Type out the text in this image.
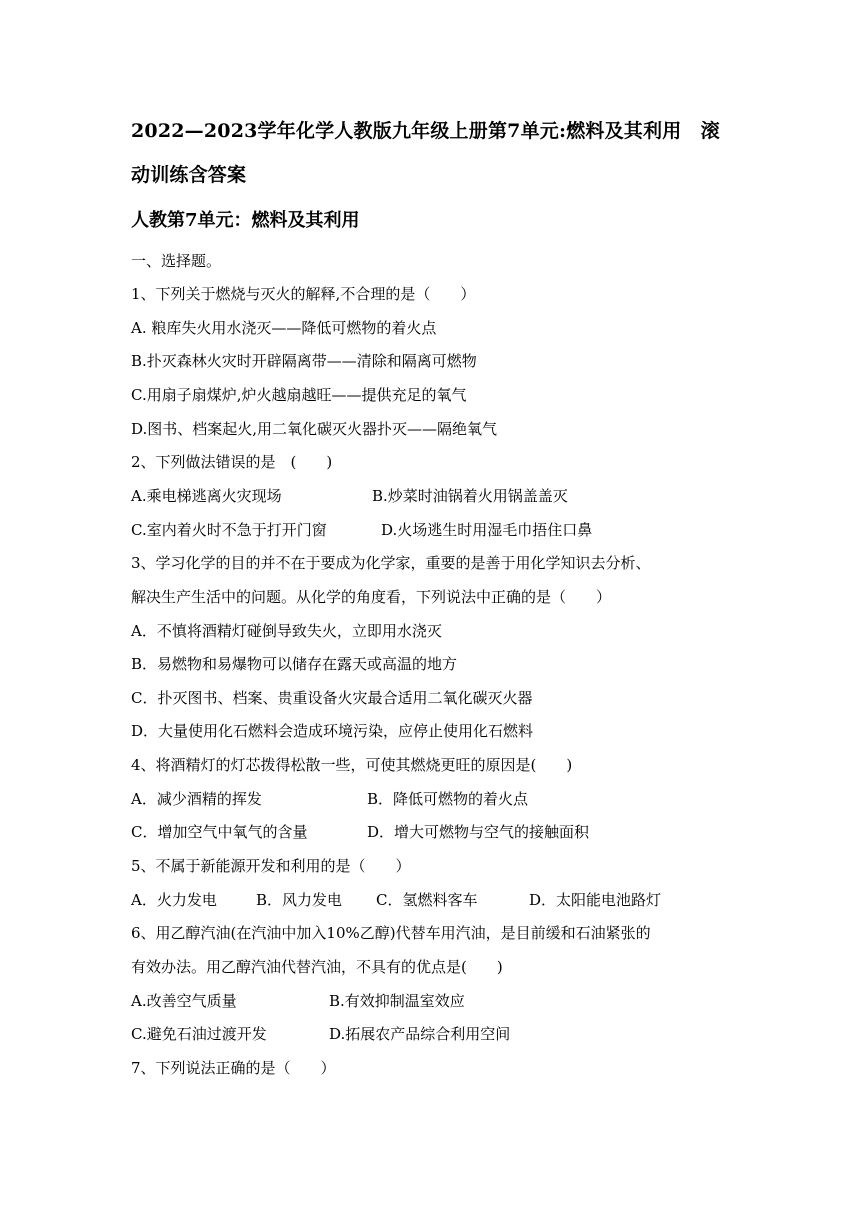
2022—2023学年化学人教版九年级上册第7单元:燃料及其利用　滚
动训练含答案
人教第7单元：燃料及其利用
一、选择题。
1、下列关于燃烧与灭火的解释,不合理的是（　　）
A. 粮库失火用水浇灭——降低可燃物的着火点
B.扑灭森林火灾时开辟隔离带——清除和隔离可燃物
C.用扇子扇煤炉,炉火越扇越旺——提供充足的氧气
D.图书、档案起火,用二氧化碳灭火器扑灭——隔绝氧气
2、下列做法错误的是　(　　)
A.乘电梯逃离火灾现场	B.炒菜时油锅着火用锅盖盖灭
C.室内着火时不急于打开门窗	D.火场逃生时用湿毛巾捂住口鼻
3、学习化学的目的并不在于要成为化学家，重要的是善于用化学知识去分析、
解决生产生活中的问题。从化学的角度看，下列说法中正确的是（　　）
A．不慎将酒精灯碰倒导致失火，立即用水浇灭
B．易燃物和易爆物可以储存在露天或高温的地方
C．扑灭图书、档案、贵重设备火灾最合适用二氧化碳灭火器
D．大量使用化石燃料会造成环境污染，应停止使用化石燃料
4、将酒精灯的灯芯拨得松散一些，可使其燃烧更旺的原因是(　　)
A．减少酒精的挥发	B．降低可燃物的着火点
C．增加空气中氧气的含量	D．增大可燃物与空气的接触面积
5、不属于新能源开发和利用的是（　　）
A．火力发电	B．风力发电 C．氢燃料客车	D．太阳能电池路灯
6、用乙醇汽油(在汽油中加入10%乙醇)代替车用汽油，是目前缓和石油紧张的
有效办法。用乙醇汽油代替汽油，不具有的优点是(　　)
A.改善空气质量	B.有效抑制温室效应
C.避免石油过渡开发	D.拓展农产品综合利用空间
7、下列说法正确的是（　　）
